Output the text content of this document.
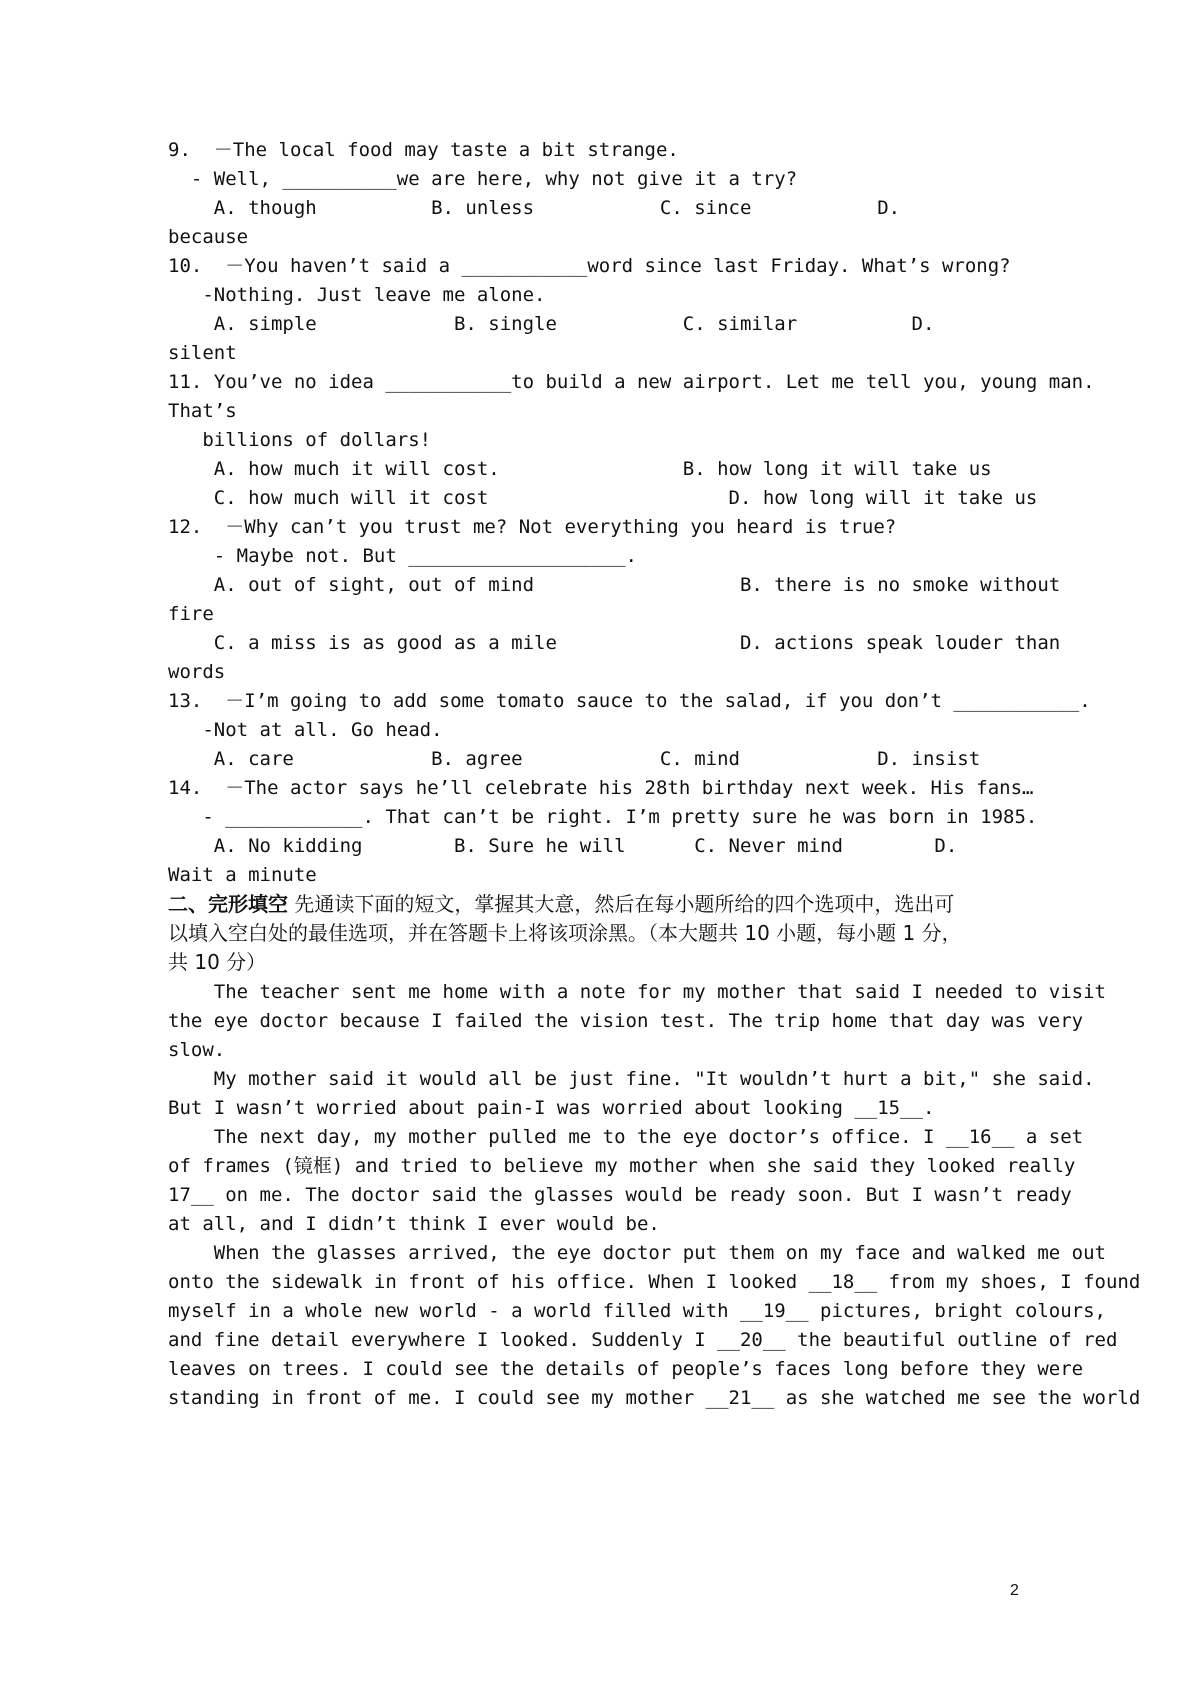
9.  －The local food may taste a bit strange.
- Well, __________we are here, why not give it a try?
A. though          B. unless           C. since           D.
because
10.  －You haven’t said a ___________word since last Friday. What’s wrong?
-Nothing. Just leave me alone.
A. simple            B. single           C. similar          D.
silent
11. You’ve no idea ___________to build a new airport. Let me tell you, young man.
That’s
billions of dollars!
A. how much it will cost.                B. how long it will take us
C. how much will it cost                     D. how long will it take us
12.  －Why can’t you trust me? Not everything you heard is true?
- Maybe not. But ___________________.
A. out of sight, out of mind                  B. there is no smoke without
fire
C. a miss is as good as a mile                D. actions speak louder than
words
13.  －I’m going to add some tomato sauce to the salad, if you don’t ___________.
-Not at all. Go head.
A. care            B. agree            C. mind            D. insist
14.  －The actor says he’ll celebrate his 28th birthday next week. His fans…
- ____________. That can’t be right. I’m pretty sure he was born in 1985.
A. No kidding        B. Sure he will      C. Never mind        D.
Wait a minute
二、完形填空 先通读下面的短文，掌握其大意，然后在每小题所给的四个选项中，选出可
以填入空白处的最佳选项，并在答题卡上将该项涂黑。（本大题共 10 小题，每小题 1 分，
共 10 分）
The teacher sent me home with a note for my mother that said I needed to visit
the eye doctor because I failed the vision test. The trip home that day was very
slow.
My mother said it would all be just fine. "It wouldn’t hurt a bit," she said.
But I wasn’t worried about pain-I was worried about looking __15__.
The next day, my mother pulled me to the eye doctor’s office. I __16__ a set
of frames (镜框) and tried to believe my mother when she said they looked really
17__ on me. The doctor said the glasses would be ready soon. But I wasn’t ready
at all, and I didn’t think I ever would be.
When the glasses arrived, the eye doctor put them on my face and walked me out
onto the sidewalk in front of his office. When I looked __18__ from my shoes, I found
myself in a whole new world - a world filled with __19__ pictures, bright colours,
and fine detail everywhere I looked. Suddenly I __20__ the beautiful outline of red
leaves on trees. I could see the details of people’s faces long before they were
standing in front of me. I could see my mother __21__ as she watched me see the world
2
